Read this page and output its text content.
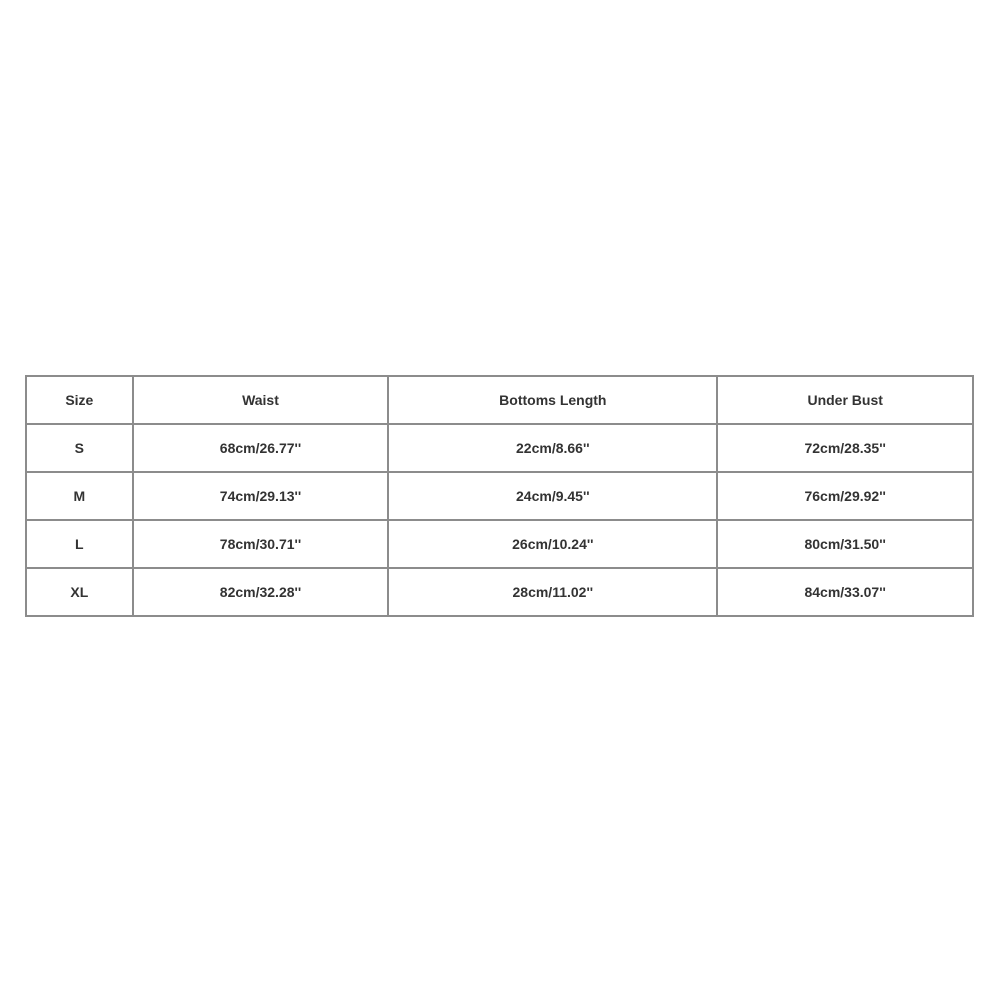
Size	Waist	Bottoms Length	Under Bust
S	68cm/26.77''	22cm/8.66''	72cm/28.35''
M	74cm/29.13''	24cm/9.45''	76cm/29.92''
L	78cm/30.71''	26cm/10.24''	80cm/31.50''
XL	82cm/32.28''	28cm/11.02''	84cm/33.07''
